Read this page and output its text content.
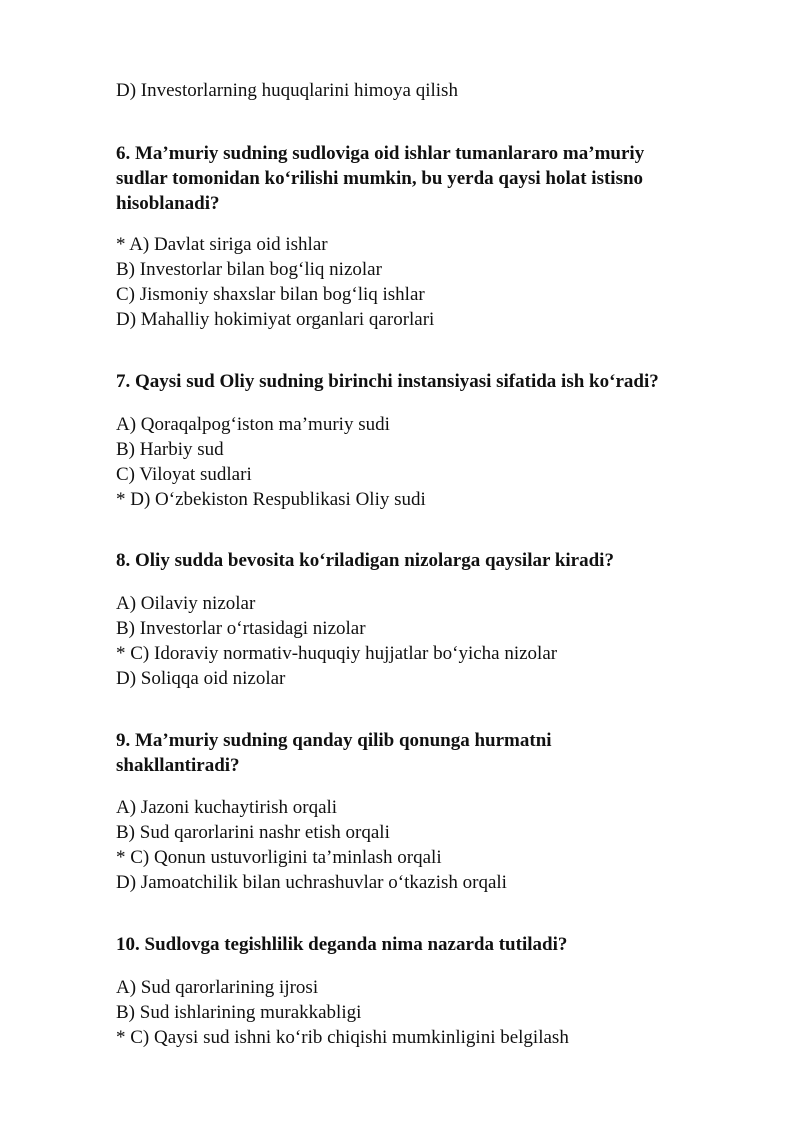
D) Investorlarning huquqlarini himoya qilish
6. Ma’muriy sudning sudloviga oid ishlar tumanlararo ma’muriy
sudlar tomonidan ko‘rilishi mumkin, bu yerda qaysi holat istisno
hisoblanadi?
* A) Davlat siriga oid ishlar
B) Investorlar bilan bog‘liq nizolar
C) Jismoniy shaxslar bilan bog‘liq ishlar
D) Mahalliy hokimiyat organlari qarorlari
7. Qaysi sud Oliy sudning birinchi instansiyasi sifatida ish ko‘radi?
A) Qoraqalpog‘iston ma’muriy sudi
B) Harbiy sud
C) Viloyat sudlari
* D) O‘zbekiston Respublikasi Oliy sudi
8. Oliy sudda bevosita ko‘riladigan nizolarga qaysilar kiradi?
A) Oilaviy nizolar
B) Investorlar o‘rtasidagi nizolar
* C) Idoraviy normativ-huquqiy hujjatlar bo‘yicha nizolar
D) Soliqqa oid nizolar
9. Ma’muriy sudning qanday qilib qonunga hurmatni
shakllantiradi?
A) Jazoni kuchaytirish orqali
B) Sud qarorlarini nashr etish orqali
* C) Qonun ustuvorligini ta’minlash orqali
D) Jamoatchilik bilan uchrashuvlar o‘tkazish orqali
10. Sudlovga tegishlilik deganda nima nazarda tutiladi?
A) Sud qarorlarining ijrosi
B) Sud ishlarining murakkabligi
* C) Qaysi sud ishni ko‘rib chiqishi mumkinligini belgilash
